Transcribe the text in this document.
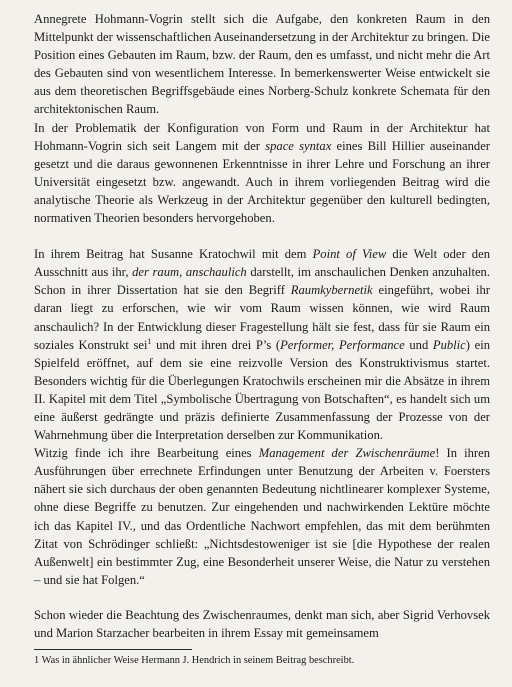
Annegrete Hohmann-Vogrin stellt sich die Aufgabe, den konkreten Raum in den Mittelpunkt der wissenschaftlichen Auseinandersetzung in der Architektur zu bringen. Die Position eines Gebauten im Raum, bzw. der Raum, den es umfasst, und nicht mehr die Art des Gebauten sind von wesentlichem Interesse. In bemerkenswerter Weise entwickelt sie aus dem theoretischen Begriffsgebäude eines Norberg-Schulz konkrete Schemata für den architektonischen Raum.

In der Problematik der Konfiguration von Form und Raum in der Architektur hat Hohmann-Vogrin sich seit Langem mit der space syntax eines Bill Hillier auseinander gesetzt und die daraus gewonnenen Erkenntnisse in ihrer Lehre und Forschung an ihrer Universität eingesetzt bzw. angewandt. Auch in ihrem vorliegenden Beitrag wird die analytische Theorie als Werkzeug in der Architektur gegenüber den kulturell bedingten, normativen Theorien besonders hervorgehoben.

In ihrem Beitrag hat Susanne Kratochwil mit dem Point of View die Welt oder den Ausschnitt aus ihr, der raum, anschaulich darstellt, im anschaulichen Denken anzuhalten. Schon in ihrer Dissertation hat sie den Begriff Raumkybernetik eingeführt, wobei ihr daran liegt zu erforschen, wie wir vom Raum wissen können, wie wird Raum anschaulich? In der Entwicklung dieser Fragestellung hält sie fest, dass für sie Raum ein soziales Konstrukt sei$^1$ und mit ihren drei P’s (Performer, Performance und Public) ein Spielfeld eröffnet, auf dem sie eine reizvolle Version des Konstruktivismus startet. Besonders wichtig für die Überlegungen Kratochwils erscheinen mir die Absätze in ihrem II. Kapitel mit dem Titel „Symbolische Übertragung von Botschaften“, es handelt sich um eine äußerst gedrängte und präzis definierte Zusammenfassung der Prozesse von der Wahrnehmung über die Interpretation derselben zur Kommunikation.

Witzig finde ich ihre Bearbeitung eines Management der Zwischenräume! In ihren Ausführungen über errechnete Erfindungen unter Benutzung der Arbeiten v. Foersters nähert sie sich durchaus der oben genannten Bedeutung nichtlinearer komplexer Systeme, ohne diese Begriffe zu benutzen. Zur eingehenden und nachwirkenden Lektüre möchte ich das Kapitel IV., und das Ordentliche Nachwort empfehlen, das mit dem berühmten Zitat von Schrödinger schließt: „Nichtsdestoweniger ist sie [die Hypothese der realen Außenwelt] ein bestimmter Zug, eine Besonderheit unserer Weise, die Natur zu verstehen – und sie hat Folgen.“

Schon wieder die Beachtung des Zwischenraumes, denkt man sich, aber Sigrid Verhovsek und Marion Starzacher bearbeiten in ihrem Essay mit gemeinsamem

1 Was in ähnlicher Weise Hermann J. Hendrich in seinem Beitrag beschreibt.
